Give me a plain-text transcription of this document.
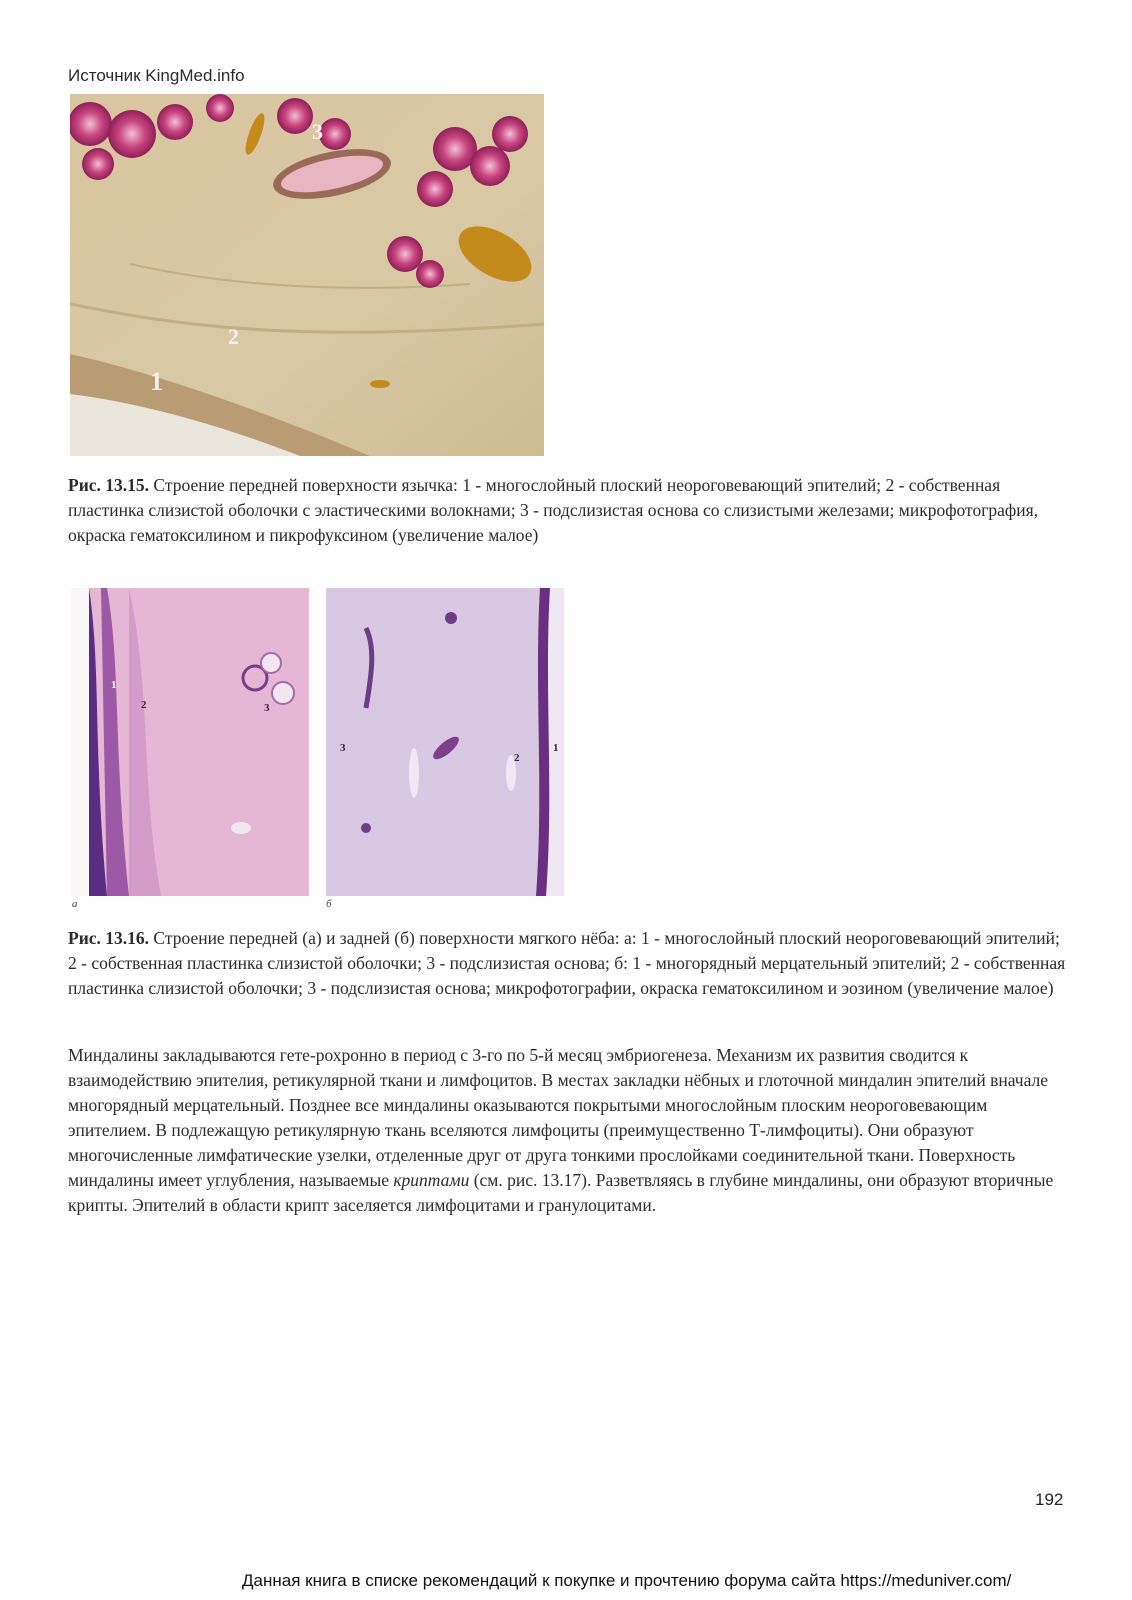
Источник KingMed.info
3
2
1

Рис. 13.15. Строение передней поверхности язычка: 1 - многослойный плоский неороговевающий эпителий; 2 - собственная пластинка слизистой оболочки с эластическими волокнами; 3 - подслизистая основа со слизистыми железами; микрофотография, окраска гематоксилином и пикрофуксином (увеличение малое)

1
2	3
а
3
2
1
б

Рис. 13.16. Строение передней (а) и задней (б) поверхности мягкого нёба: а: 1 - многослойный плоский неороговевающий эпителий; 2 - собственная пластинка слизистой оболочки; 3 - подслизистая основа; б: 1 - многорядный мерцательный эпителий; 2 - собственная пластинка слизистой оболочки; 3 - подслизистая основа; микрофотографии, окраска гематоксилином и эозином (увеличение малое)

Миндалины закладываются гете-рохронно в период с 3-го по 5-й месяц эмбриогенеза. Механизм их развития сводится к взаимодействию эпителия, ретикулярной ткани и лимфоцитов. В местах закладки нёбных и глоточной миндалин эпителий вначале многорядный мерцательный. Позднее все миндалины оказываются покрытыми многослойным плоским неороговевающим эпителием. В подлежащую ретикулярную ткань вселяются лимфоциты (преимущественно Т-лимфоциты). Они образуют многочисленные лимфатические узелки, отделенные друг от друга тонкими прослойками соединительной ткани. Поверхность миндалины имеет углубления, называемые криптами (см. рис. 13.17). Разветвляясь в глубине миндалины, они образуют вторичные крипты. Эпителий в области крипт заселяется лимфоцитами и гранулоцитами.

192
Данная книга в списке рекомендаций к покупке и прочтению форума сайта https://meduniver.com/
